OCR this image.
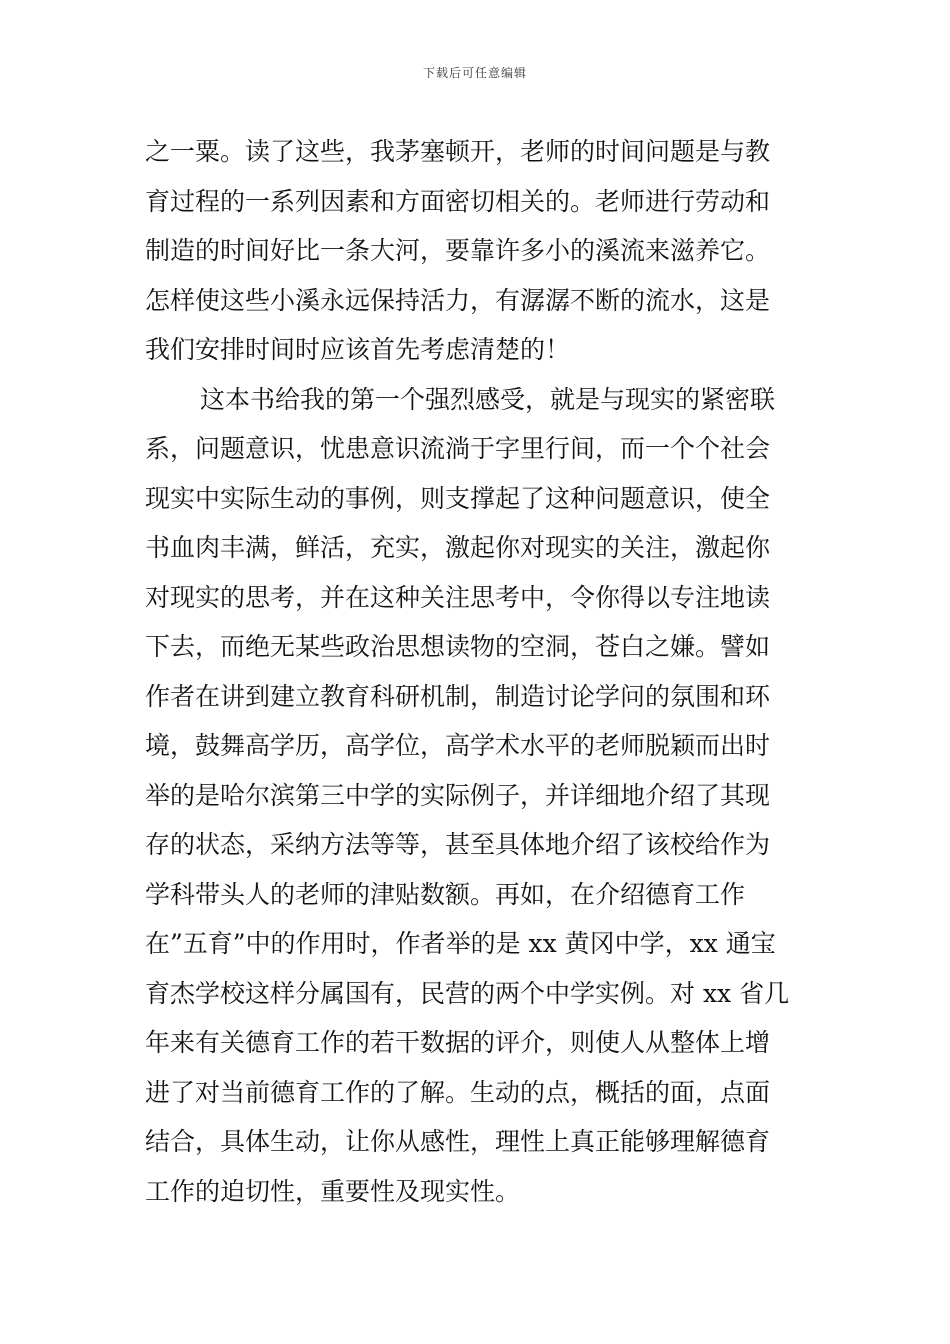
下载后可任意编辑
之一粟。读了这些，我茅塞顿开，老师的时间问题是与教
育过程的一系列因素和方面密切相关的。老师进行劳动和
制造的时间好比一条大河，要靠许多小的溪流来滋养它。
怎样使这些小溪永远保持活力，有潺潺不断的流水，这是
我们安排时间时应该首先考虑清楚的！
这本书给我的第一个强烈感受，就是与现实的紧密联
系，问题意识，忧患意识流淌于字里行间，而一个个社会
现实中实际生动的事例，则支撑起了这种问题意识，使全
书血肉丰满，鲜活，充实，激起你对现实的关注，激起你
对现实的思考，并在这种关注思考中，令你得以专注地读
下去，而绝无某些政治思想读物的空洞，苍白之嫌。譬如
作者在讲到建立教育科研机制，制造讨论学问的氛围和环
境，鼓舞高学历，高学位，高学术水平的老师脱颖而出时
举的是哈尔滨第三中学的实际例子，并详细地介绍了其现
存的状态，采纳方法等等，甚至具体地介绍了该校给作为
学科带头人的老师的津贴数额。再如，在介绍德育工作
在”五育”中的作用时，作者举的是 xx 黄冈中学，xx 通宝
育杰学校这样分属国有，民营的两个中学实例。对 xx 省几
年来有关德育工作的若干数据的评介，则使人从整体上增
进了对当前德育工作的了解。生动的点，概括的面，点面
结合，具体生动，让你从感性，理性上真正能够理解德育
工作的迫切性，重要性及现实性。
